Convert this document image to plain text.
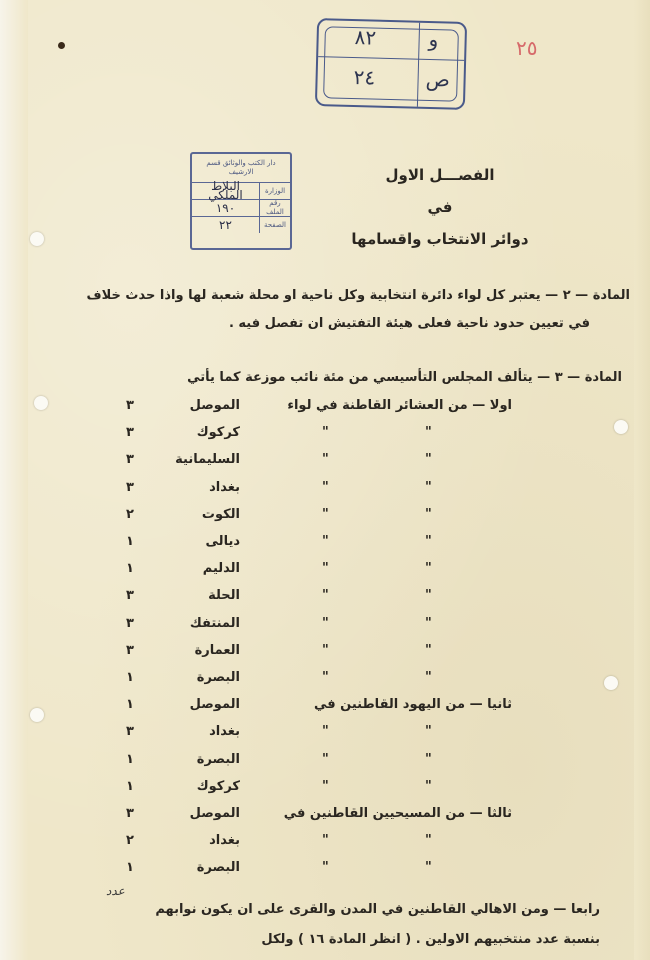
و
٨٢
ص
٢٤
٢٥
دار الكتب والوثائق قسم الارشيف
الوزارة
البلاط الملكي
رقم الملف
١٩٠
الصفحة
٢٢
الفصـــل الاول
في
دوائر الانتخاب واقسامها
المادة — ٢ — يعتبر كل لواء دائرة انتخابية وكل ناحية او محلة شعبة لها واذا حدث خلاف
في تعيين حدود ناحية فعلى هيئة التفتيش ان تفصل فيه .
المادة — ٣ — يتألف المجلس التأسيسي من مئة نائب موزعة كما يأتي
٣	الموصل	اولا — من العشائر القاطنة في لواء
٣	كركوك	"	"
٣	السليمانية	"	"
٣	بغداد	"	"
٢	الكوت	"	"
١	ديالى	"	"
١	الدليم	"	"
٣	الحلة	"	"
٣	المنتفك	"	"
٣	العمارة	"	"
١	البصرة	"	"
١	الموصل	ثانيا — من اليهود القاطنين في
٣	بغداد	"	"
١	البصرة	"	"
١	كركوك	"	"
٣	الموصل	ثالثا — من المسيحيين القاطنين في
٢	بغداد	"	"
١	البصرة	"	"
عدد
رابعا — ومن الاهالي القاطنين في المدن والقرى على ان يكون نوابهم
بنسبة عدد منتخبيهم الاولين . ( انظر المادة ١٦ ) ولكل
